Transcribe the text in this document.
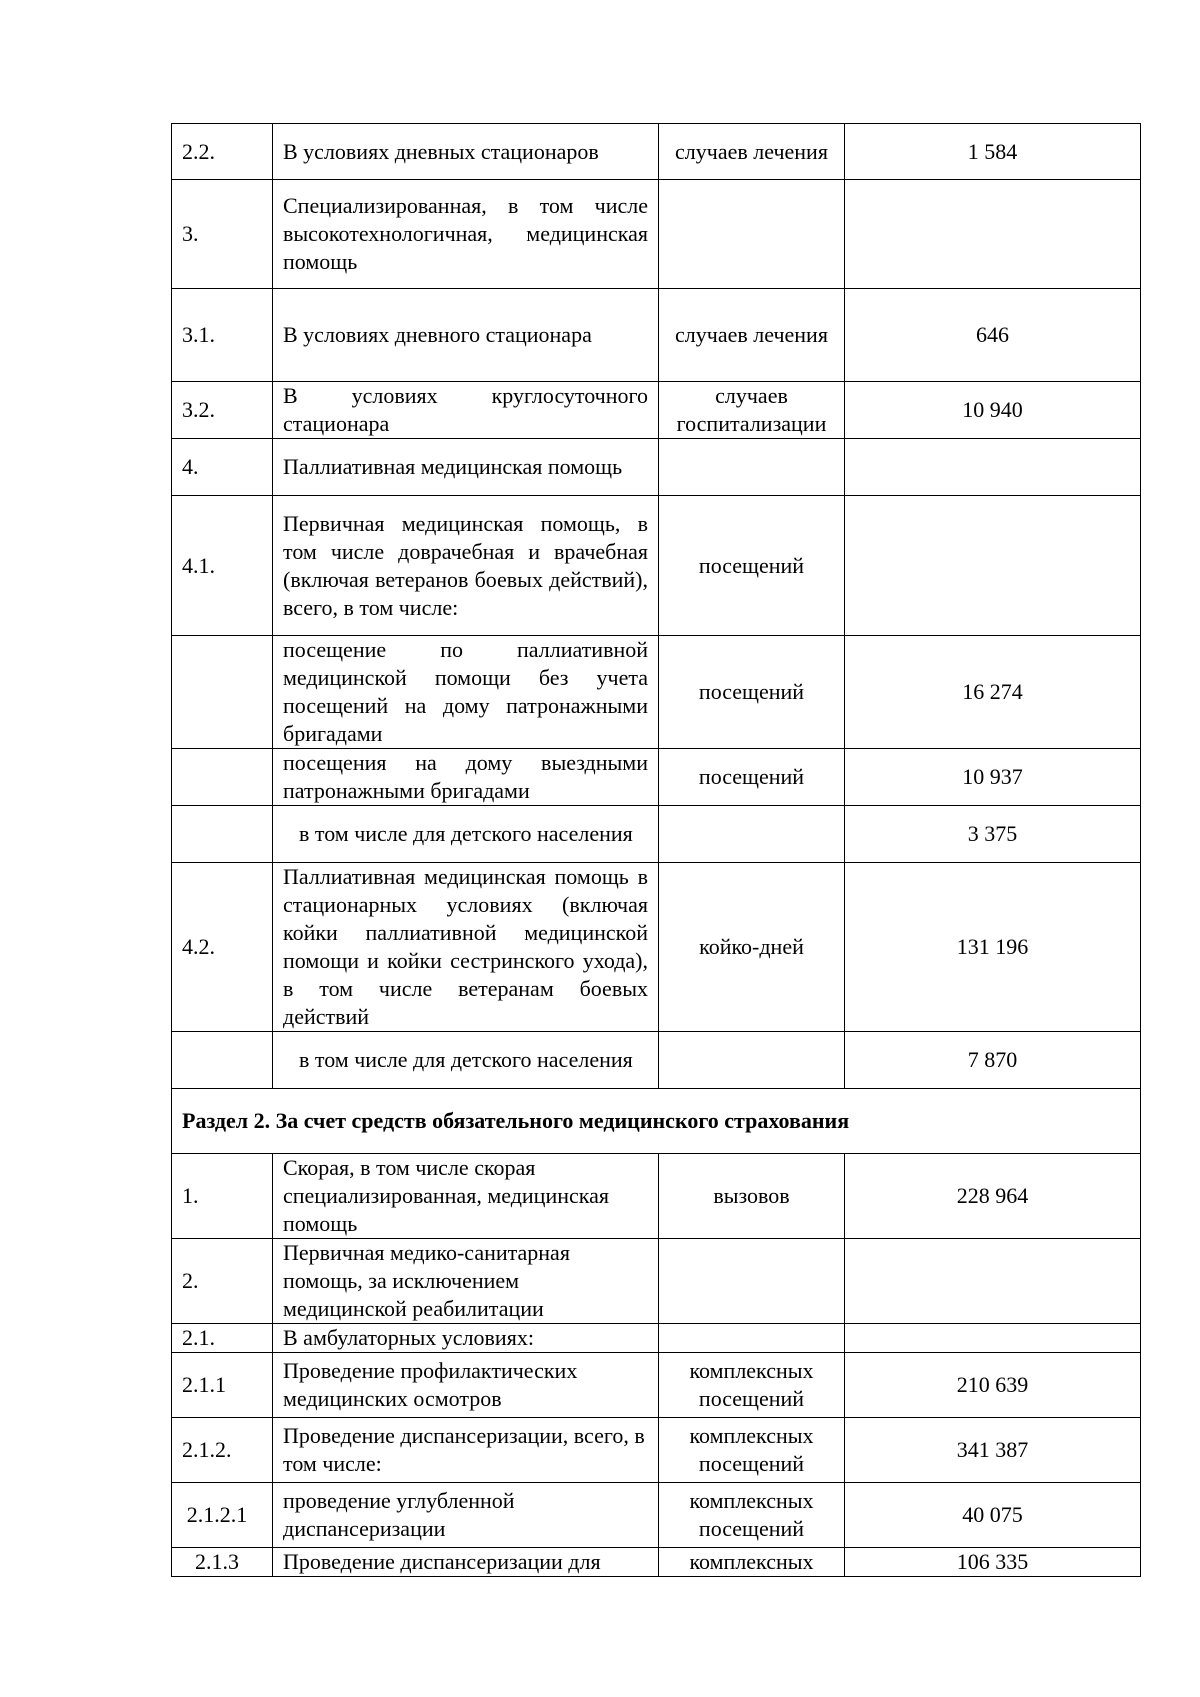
2.2.	В условиях дневных стационаров	случаев лечения	1 584
3.	Специализированная, в том числе высокотехнологичная, медицинская помощь		
3.1.	В условиях дневного стационара	случаев лечения	646
3.2.	В условиях круглосуточного стационара	случаев госпитализации	10 940
4.	Паллиативная медицинская помощь		
4.1.	Первичная медицинская помощь, в том числе доврачебная и врачебная (включая ветеранов боевых действий), всего, в том числе:	посещений	
	посещение по паллиативной медицинской помощи без учета посещений на дому патронажными бригадами	посещений	16 274
	посещения на дому выездными патронажными бригадами	посещений	10 937
	в том числе для детского населения		3 375
4.2.	Паллиативная медицинская помощь в стационарных условиях (включая койки паллиативной медицинской помощи и койки сестринского ухода), в том числе ветеранам боевых действий	койко-дней	131 196
	в том числе для детского населения		7 870
Раздел 2. За счет средств обязательного медицинского страхования			
1.	Скорая, в том числе скорая специализированная, медицинская помощь	вызовов	228 964
2.	Первичная медико-санитарная помощь, за исключением медицинской реабилитации		
2.1.	В амбулаторных условиях:		
2.1.1	Проведение профилактических медицинских осмотров	комплексных посещений	210 639
2.1.2.	Проведение диспансеризации, всего, в том числе:	комплексных посещений	341 387
2.1.2.1	проведение углубленной диспансеризации	комплексных посещений	40 075
2.1.3	Проведение диспансеризации для	комплексных	106 335
